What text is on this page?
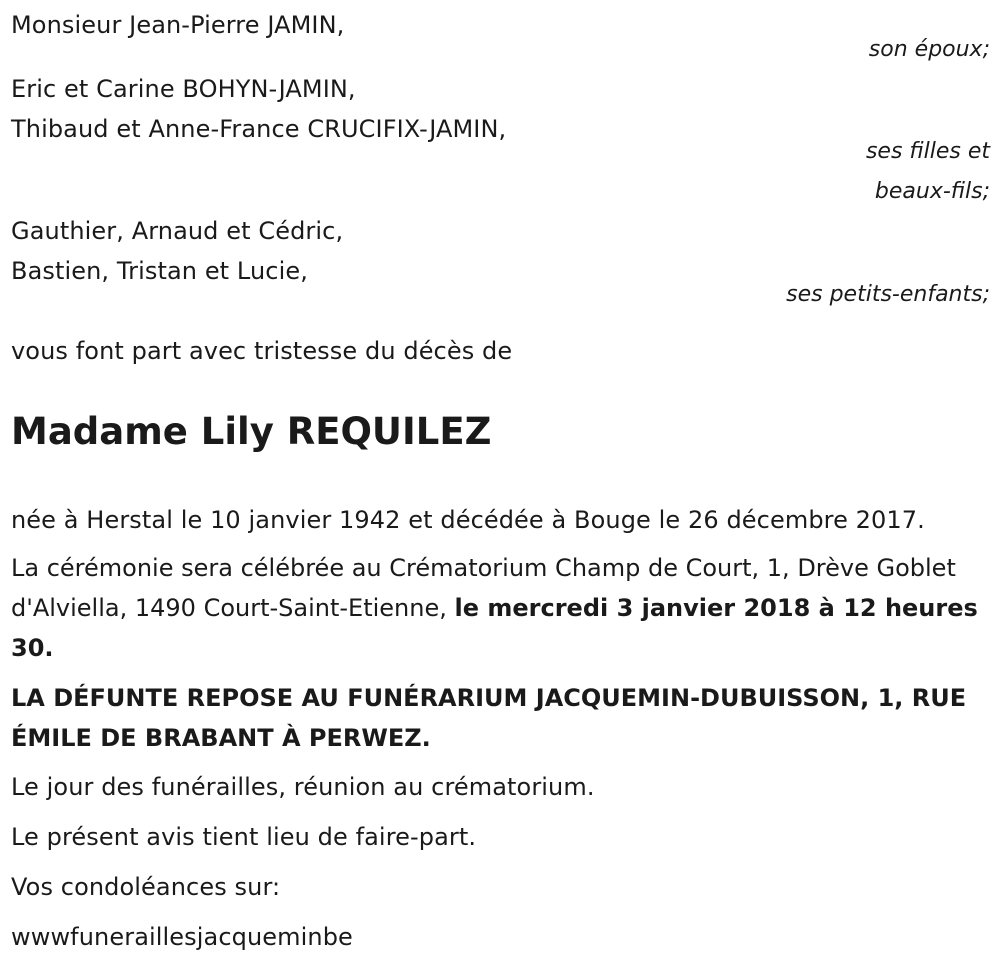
Monsieur Jean-Pierre JAMIN,
son époux;
Eric et Carine BOHYN-JAMIN,
Thibaud et Anne-France CRUCIFIX-JAMIN,
ses filles et
beaux-fils;
Gauthier, Arnaud et Cédric,
Bastien, Tristan et Lucie,
ses petits-enfants;
vous font part avec tristesse du décès de
Madame Lily REQUILEZ
née à Herstal le 10 janvier 1942 et décédée à Bouge le 26 décembre 2017.
La cérémonie sera célébrée au Crématorium Champ de Court, 1, Drève Goblet d'Alviella, 1490 Court-Saint-Etienne, le mercredi 3 janvier 2018 à 12 heures 30.
LA DÉFUNTE REPOSE AU FUNÉRARIUM JACQUEMIN-DUBUISSON, 1, RUE ÉMILE DE BRABANT À PERWEZ.
Le jour des funérailles, réunion au crématorium.
Le présent avis tient lieu de faire-part.
Vos condoléances sur:
wwwfuneraillesjacqueminbe
